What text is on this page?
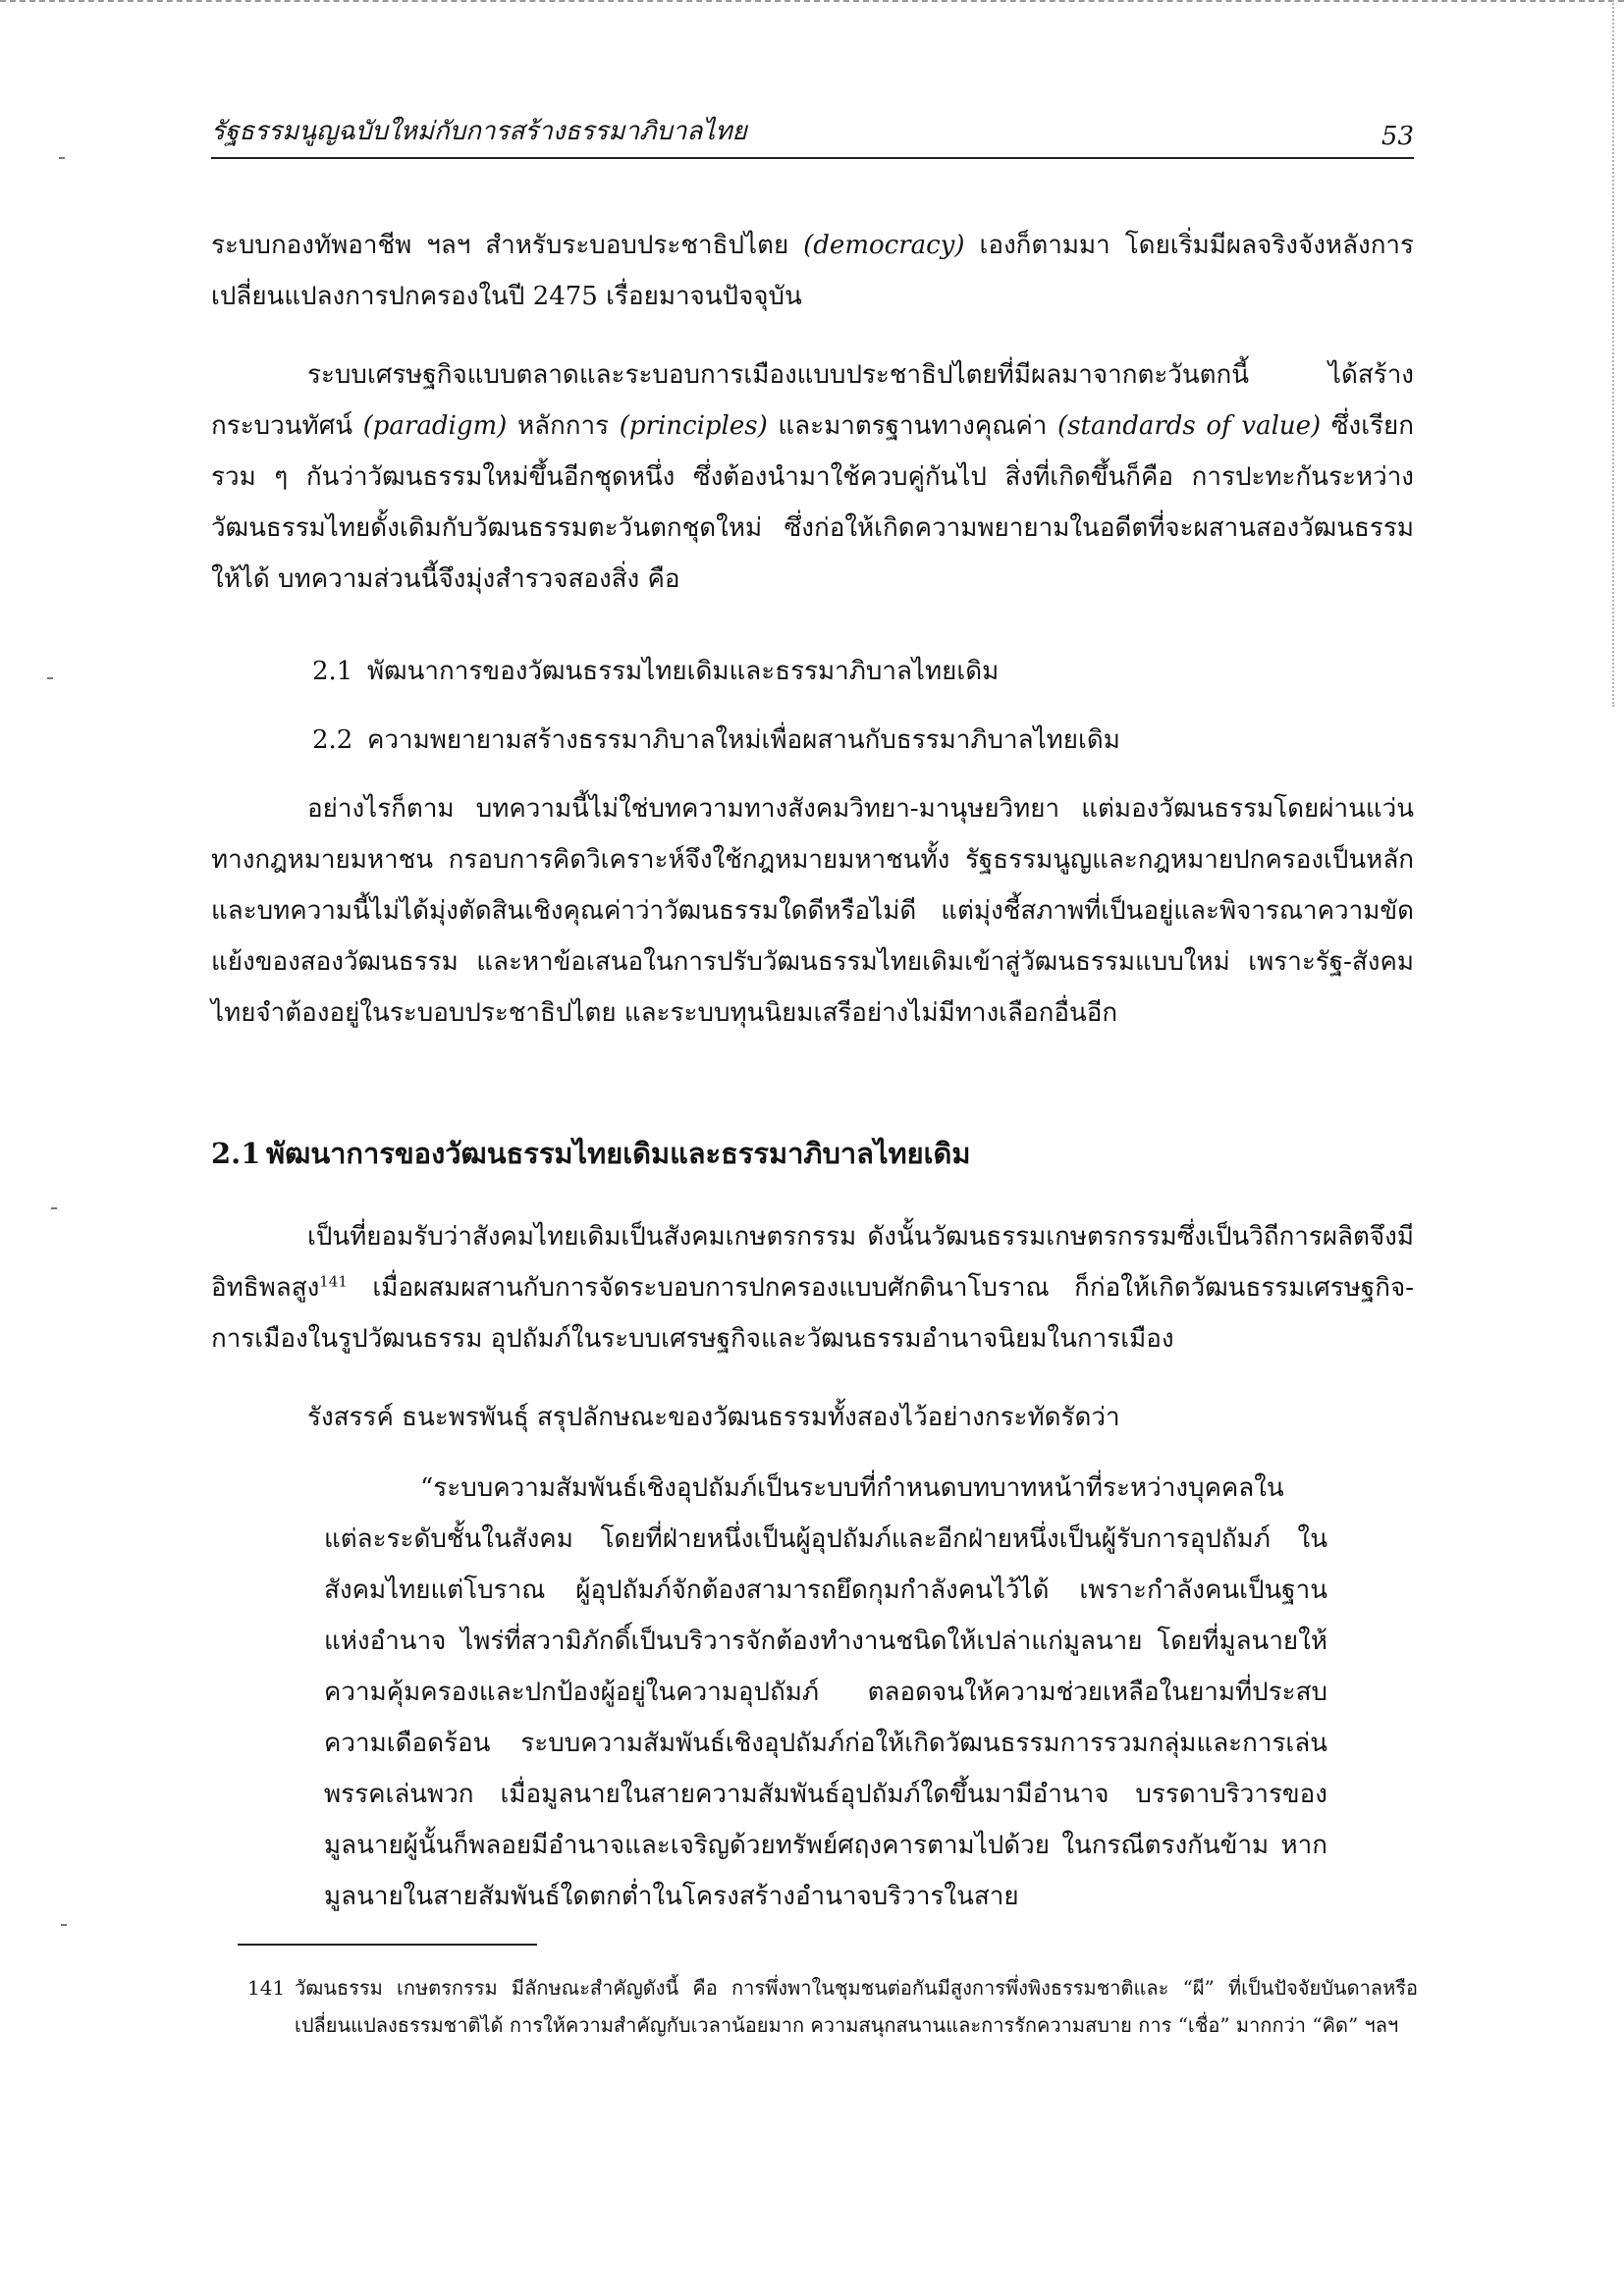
รัฐธรรมนูญฉบับใหม่กับการสร้างธรรมาภิบาลไทย	53

ระบบกองทัพอาชีพ ฯลฯ สำหรับระบอบประชาธิปไตย (democracy) เองก็ตามมา โดยเริ่มมีผลจริงจังหลังการเปลี่ยนแปลงการปกครองในปี 2475 เรื่อยมาจนปัจจุบัน

ระบบเศรษฐกิจแบบตลาดและระบอบการเมืองแบบประชาธิปไตยที่มีผลมาจากตะวันตกนี้ ได้สร้างกระบวนทัศน์ (paradigm) หลักการ (principles) และมาตรฐานทางคุณค่า (standards of value) ซึ่งเรียกรวม ๆ กันว่าวัฒนธรรมใหม่ขึ้นอีกชุดหนึ่ง ซึ่งต้องนำมาใช้ควบคู่กันไป สิ่งที่เกิดขึ้นก็คือ การปะทะกันระหว่างวัฒนธรรมไทยดั้งเดิมกับวัฒนธรรมตะวันตกชุดใหม่ ซึ่งก่อให้เกิดความพยายามในอดีตที่จะผสานสองวัฒนธรรมให้ได้ บทความส่วนนี้จึงมุ่งสำรวจสองสิ่ง คือ

2.1 พัฒนาการของวัฒนธรรมไทยเดิมและธรรมาภิบาลไทยเดิม

2.2 ความพยายามสร้างธรรมาภิบาลใหม่เพื่อผสานกับธรรมาภิบาลไทยเดิม

อย่างไรก็ตาม บทความนี้ไม่ใช่บทความทางสังคมวิทยา-มานุษยวิทยา แต่มองวัฒนธรรมโดยผ่านแว่นทางกฎหมายมหาชน กรอบการคิดวิเคราะห์จึงใช้กฎหมายมหาชนทั้ง รัฐธรรมนูญและกฎหมายปกครองเป็นหลัก และบทความนี้ไม่ได้มุ่งตัดสินเชิงคุณค่าว่าวัฒนธรรมใดดีหรือไม่ดี แต่มุ่งชี้สภาพที่เป็นอยู่และพิจารณาความขัดแย้งของสองวัฒนธรรม และหาข้อเสนอในการปรับวัฒนธรรมไทยเดิมเข้าสู่วัฒนธรรมแบบใหม่ เพราะรัฐ-สังคมไทยจำต้องอยู่ในระบอบประชาธิปไตย และระบบทุนนิยมเสรีอย่างไม่มีทางเลือกอื่นอีก

2.1 พัฒนาการของวัฒนธรรมไทยเดิมและธรรมาภิบาลไทยเดิม

เป็นที่ยอมรับว่าสังคมไทยเดิมเป็นสังคมเกษตรกรรม ดังนั้นวัฒนธรรมเกษตรกรรมซึ่งเป็นวิถีการผลิตจึงมีอิทธิพลสูง$^{141}$ เมื่อผสมผสานกับการจัดระบอบการปกครองแบบศักดินาโบราณ ก็ก่อให้เกิดวัฒนธรรมเศรษฐกิจ-การเมืองในรูปวัฒนธรรม อุปถัมภ์ในระบบเศรษฐกิจและวัฒนธรรมอำนาจนิยมในการเมือง

รังสรรค์ ธนะพรพันธุ์ สรุปลักษณะของวัฒนธรรมทั้งสองไว้อย่างกระทัดรัดว่า

“ระบบความสัมพันธ์เชิงอุปถัมภ์เป็นระบบที่กำหนดบทบาทหน้าที่ระหว่างบุคคลในแต่ละระดับชั้นในสังคม โดยที่ฝ่ายหนึ่งเป็นผู้อุปถัมภ์และอีกฝ่ายหนึ่งเป็นผู้รับการอุปถัมภ์ ในสังคมไทยแต่โบราณ ผู้อุปถัมภ์จักต้องสามารถยึดกุมกำลังคนไว้ได้ เพราะกำลังคนเป็นฐานแห่งอำนาจ ไพร่ที่สวามิภักดิ์เป็นบริวารจักต้องทำงานชนิดให้เปล่าแก่มูลนาย โดยที่มูลนายให้ความคุ้มครองและปกป้องผู้อยู่ในความอุปถัมภ์ ตลอดจนให้ความช่วยเหลือในยามที่ประสบความเดือดร้อน ระบบความสัมพันธ์เชิงอุปถัมภ์ก่อให้เกิดวัฒนธรรมการรวมกลุ่มและการเล่นพรรคเล่นพวก เมื่อมูลนายในสายความสัมพันธ์อุปถัมภ์ใดขึ้นมามีอำนาจ บรรดาบริวารของมูลนายผู้นั้นก็พลอยมีอำนาจและเจริญด้วยทรัพย์ศฤงคารตามไปด้วย ในกรณีตรงกันข้าม หากมูลนายในสายสัมพันธ์ใดตกต่ำในโครงสร้างอำนาจบริวารในสาย

141 วัฒนธรรม เกษตรกรรม มีลักษณะสำคัญดังนี้ คือ การพึ่งพาในชุมชนต่อกันมีสูงการพึ่งพิงธรรมชาติและ “ผี” ที่เป็นปัจจัยบันดาลหรือเปลี่ยนแปลงธรรมชาติได้ การให้ความสำคัญกับเวลาน้อยมาก ความสนุกสนานและการรักความสบาย การ “เชื่อ” มากกว่า “คิด” ฯลฯ
